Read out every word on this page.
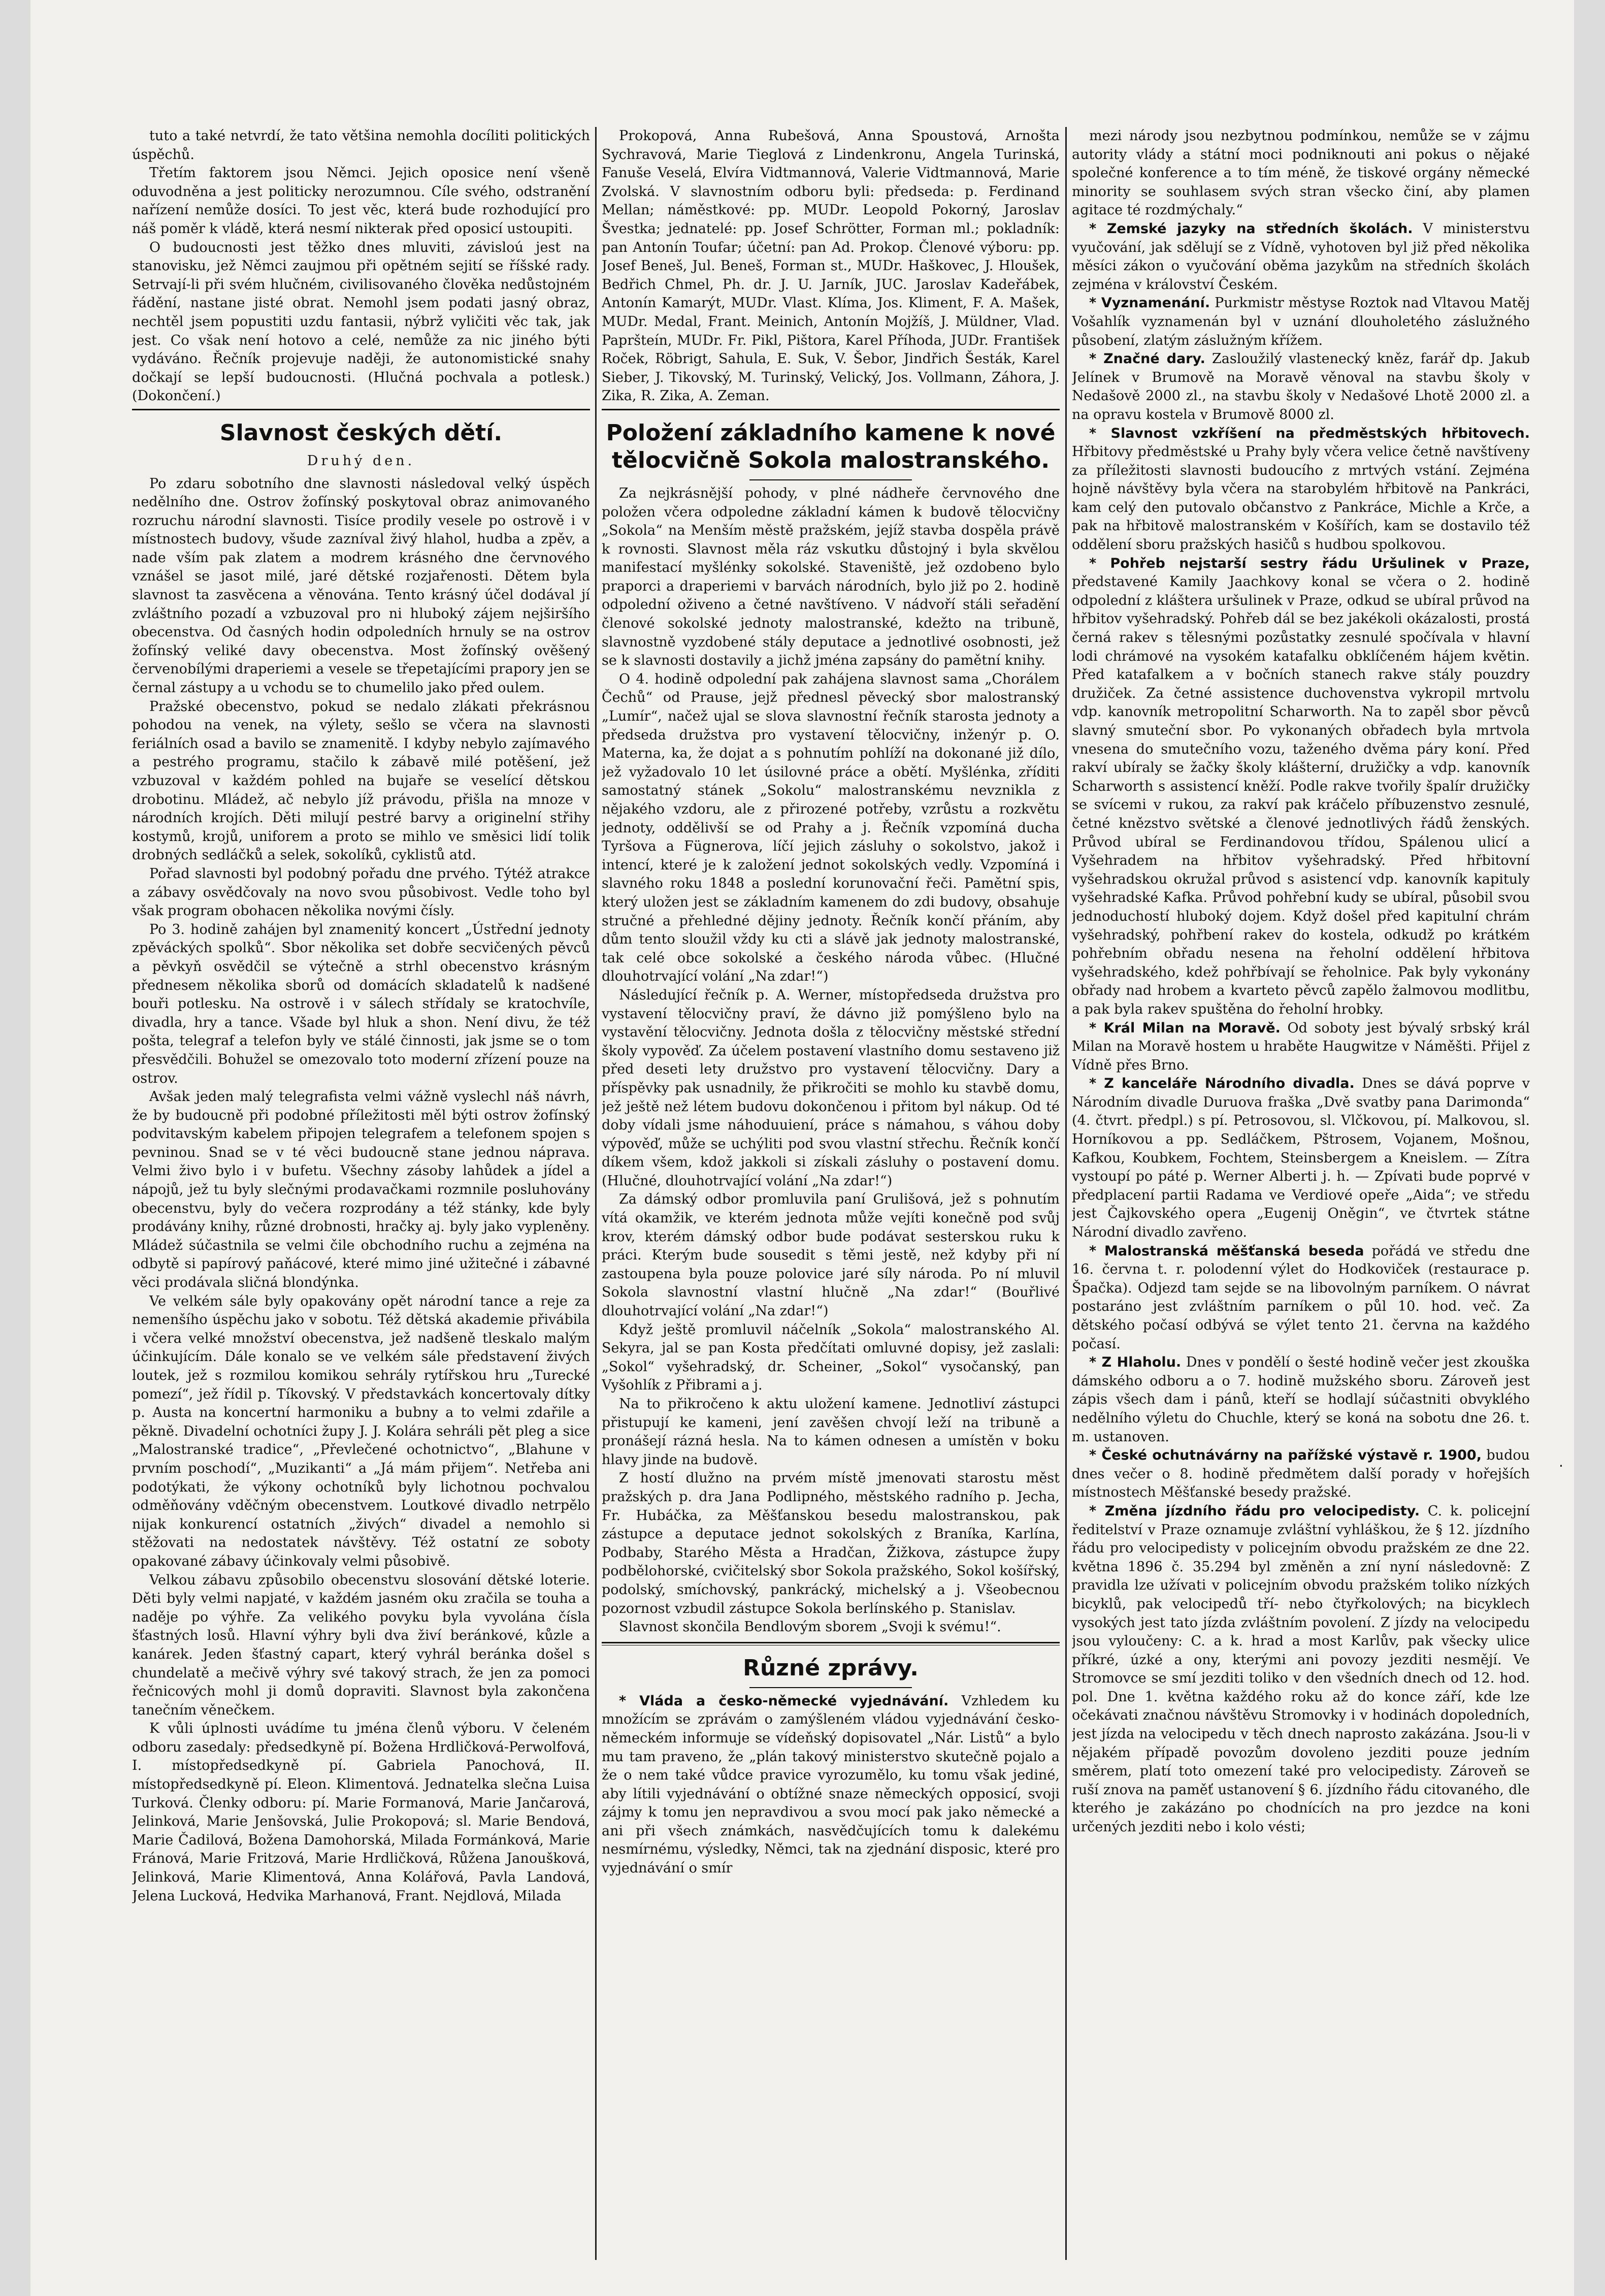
tuto a také netvrdí, že tato většina nemohla docíliti politických úspěchů.

Třetím faktorem jsou Němci. Jejich oposice není všeně oduvodněna a jest politicky nerozumnou. Cíle svého, odstranění nařízení nemůže dosíci. To jest věc, která bude rozhodující pro náš poměr k vládě, která nesmí nikterak před oposicí ustoupiti.

O budoucnosti jest těžko dnes mluviti, závisloú jest na stanovisku, jež Němci zaujmou při opětném sejití se říšské rady. Setrvají-li při svém hlučném, civilisovaného člověka nedůstojném řádění, nastane jisté obrat. Nemohl jsem podati jasný obraz, nechtěl jsem popustiti uzdu fantasii, nýbrž vyličiti věc tak, jak jest. Co však není hotovo a celé, nemůže za nic jiného býti vydáváno. Řečník projevuje naději, že autonomistické snahy dočkají se lepší budoucnosti. (Hlučná pochvala a potlesk.) (Dokončení.)

Slavnost českých dětí.

Druhý den.

Po zdaru sobotního dne slavnosti následoval velký úspěch nedělního dne. Ostrov žofínský poskytoval obraz animovaného rozruchu národní slavnosti. Tisíce prodily vesele po ostrově i v místnostech budovy, všude zazníval živý hlahol, hudba a zpěv, a nade vším pak zlatem a modrem krásného dne červnového vznášel se jasot milé, jaré dětské rozjařenosti. Dětem byla slavnost ta zasvěcena a věnována. Tento krásný účel dodával jí zvláštního pozadí a vzbuzoval pro ni hluboký zájem nejširšího obecenstva. Od časných hodin odpoledních hrnuly se na ostrov žofínský veliké davy obecenstva. Most žofínský ověšený červenobílými draperiemi a vesele se třepetajícími prapory jen se černal zástupy a u vchodu se to chumelilo jako před oulem.

Pražské obecenstvo, pokud se nedalo zlákati překrásnou pohodou na venek, na výlety, sešlo se včera na slavnosti feriálních osad a bavilo se znamenitě. I kdyby nebylo zajímavého a pestrého programu, stačilo k zábavě milé potěšení, jež vzbuzoval v každém pohled na bujaře se veselící dětskou drobotinu. Mládež, ač nebylo jíž právodu, přišla na mnoze v národních krojích. Děti milují pestré barvy a originelní střihy kostymů, krojů, uniforem a proto se mihlo ve směsici lidí tolik drobných sedláčků a selek, sokolíků, cyklistů atd.

Pořad slavnosti byl podobný pořadu dne prvého. Týtéž atrakce a zábavy osvědčovaly na novo svou působivost. Vedle toho byl však program obohacen několika novými čísly.

Po 3. hodině zahájen byl znamenitý koncert „Ústřední jednoty zpěváckých spolků“. Sbor několika set dobře secvičených pěvců a pěvkyň osvědčil se výtečně a strhl obecenstvo krásným přednesem několika sborů od domácích skladatelů k nadšené bouři potlesku. Na ostrově i v sálech střídaly se kratochvíle, divadla, hry a tance. Všade byl hluk a shon. Není divu, že též pošta, telegraf a telefon byly ve stálé činnosti, jak jsme se o tom přesvědčili. Bohužel se omezovalo toto moderní zřízení pouze na ostrov.

Avšak jeden malý telegrafista velmi vážně vyslechl náš návrh, že by budoucně při podobné příležitosti měl býti ostrov žofínský podvitavským kabelem připojen telegrafem a telefonem spojen s pevninou. Snad se v té věci budoucně stane jednou náprava. Velmi živo bylo i v bufetu. Všechny zásoby lahůdek a jídel a nápojů, jež tu byly slečnými prodavačkami rozmnile posluhovány obecenstvu, byly do večera rozprodány a též stánky, kde byly prodávány knihy, různé drobnosti, hračky aj. byly jako vypleněny. Mládež súčastnila se velmi čile obchodního ruchu a zejména na odbytě si papírový paňácové, které mimo jiné užitečné i zábavné věci prodávala sličná blondýnka.

Ve velkém sále byly opakovány opět národní tance a reje za nemenšího úspěchu jako v sobotu. Též dětská akademie přivábila i včera velké množství obecenstva, jež nadšeně tleskalo malým účinkujícím. Dále konalo se ve velkém sále představení živých loutek, jež s rozmilou komikou sehrály rytířskou hru „Turecké pomezí“, jež řídil p. Tíkovský. V představkách koncertovaly dítky p. Austa na koncertní harmoniku a bubny a to velmi zdařile a pěkně. Divadelní ochotníci župy J. J. Kolára sehráli pět pleg a sice „Malostranské tradice“, „Převlečené ochotnictvo“, „Blahune v prvním poschodí“, „Muzikanti“ a „Já mám přijem“. Netřeba ani podotýkati, že výkony ochotníků byly lichotnou pochvalou odměňovány vděčným obecenstvem. Loutkové divadlo netrpělo nijak konkurencí ostatních „živých“ divadel a nemohlo si stěžovati na nedostatek návštěvy. Též ostatní ze soboty opakované zábavy účinkovaly velmi působivě.

Velkou zábavu způsobilo obecenstvu slosování dětské loterie. Děti byly velmi napjaté, v každém jasném oku zračila se touha a naděje po výhře. Za velikého povyku byla vyvolána čísla šťastných losů. Hlavní výhry byli dva živí beránkové, kůzle a kanárek. Jeden šťastný capart, který vyhrál beránka došel s chundelatě a mečivě výhry své takový strach, že jen za pomoci řečnicových mohl ji domů dopraviti. Slavnost byla zakončena tanečním věnečkem.

K vůli úplnosti uvádíme tu jména členů výboru. V čeleném odboru zasedaly: předsedkyně pí. Božena Hrdličková-Perwolfová, I. místopředsedkyně pí. Gabriela Panochová, II. místopředsedkyně pí. Eleon. Klimentová. Jednatelka slečna Luisa Turková. Členky odboru: pí. Marie Formanová, Marie Jančarová, Jelinková, Marie Jenšovská, Julie Prokopová; sl. Marie Bendová, Marie Čadilová, Božena Damohorská, Milada Formánková, Marie Fránová, Marie Fritzová, Marie Hrdličková, Růžena Janoušková, Jelinková, Marie Klimentová, Anna Kolářová, Pavla Landová, Jelena Lucková, Hedvika Marhanová, Frant. Nejdlová, Milada

Prokopová, Anna Rubešová, Anna Spoustová, Arnošta Sychravová, Marie Tieglová z Lindenkronu, Angela Turinská, Fanuše Veselá, Elvíra Vidtmannová, Valerie Vidtmannová, Marie Zvolská. V slavnostním odboru byli: předseda: p. Ferdinand Mellan; náměstkové: pp. MUDr. Leopold Pokorný, Jaroslav Švestka; jednatelé: pp. Josef Schrötter, Forman ml.; pokladník: pan Antonín Toufar; účetní: pan Ad. Prokop. Členové výboru: pp. Josef Beneš, Jul. Beneš, Forman st., MUDr. Haškovec, J. Hloušek, Bedřich Chmel, Ph. dr. J. U. Jarník, JUC. Jaroslav Kadeřábek, Antonín Kamarýt, MUDr. Vlast. Klíma, Jos. Kliment, F. A. Mašek, MUDr. Medal, Frant. Meinich, Antonín Mojžíš, J. Müldner, Vlad. Papršteín, MUDr. Fr. Pikl, Pištora, Karel Příhoda, JUDr. František Roček, Röbrigt, Sahula, E. Suk, V. Šebor, Jindřich Šesták, Karel Sieber, J. Tikovský, M. Turinský, Velický, Jos. Vollmann, Záhora, J. Zika, R. Zika, A. Zeman.

Položení základního kamene k nové tělocvičně Sokola malostranského.

Za nejkrásnější pohody, v plné nádheře červnového dne položen včera odpoledne základní kámen k budově tělocvičny „Sokola“ na Menším městě pražském, jejíž stavba dospěla právě k rovnosti. Slavnost měla ráz vskutku důstojný i byla skvělou manifestací myšlénky sokolské. Staveniště, jež ozdobeno bylo praporci a draperiemi v barvách národních, bylo již po 2. hodině odpolední oživeno a četné navštíveno. V nádvoří stáli seřadění členové sokolské jednoty malostranské, kdežto na tribuně, slavnostně vyzdobené stály deputace a jednotlivé osobnosti, jež se k slavnosti dostavily a jichž jména zapsány do pamětní knihy.

O 4. hodině odpolední pak zahájena slavnost sama „Chorálem Čechů“ od Prause, jejž přednesl pěvecký sbor malostranský „Lumír“, načež ujal se slova slavnostní řečník starosta jednoty a předseda družstva pro vystavení tělocvičny, inženýr p. O. Materna, ka, že dojat a s pohnutím pohlíží na dokonané již dílo, jež vyžadovalo 10 let úsilovné práce a obětí. Myšlénka, zříditi samostatný stánek „Sokolu“ malostranskému nevznikla z nějakého vzdoru, ale z přirozené potřeby, vzrůstu a rozkvětu jednoty, oddělivší se od Prahy a j. Řečník vzpomíná ducha Tyršova a Fügnerova, líčí jejich zásluhy o sokolstvo, jakož i intencí, které je k založení jednot sokolských vedly. Vzpomíná i slavného roku 1848 a poslední korunovační řeči. Pamětní spis, který uložen jest se základním kamenem do zdi budovy, obsahuje stručné a přehledné dějiny jednoty. Řečník končí přáním, aby dům tento sloužil vždy ku cti a slávě jak jednoty malostranské, tak celé obce sokolské a českého národa vůbec. (Hlučné dlouhotrvající volání „Na zdar!“)

Následující řečník p. A. Werner, místopředseda družstva pro vystavení tělocvičny praví, že dávno již pomýšleno bylo na vystavění tělocvičny. Jednota došla z tělocvičny městské střední školy vypověď. Za účelem postavení vlastního domu sestaveno již před deseti lety družstvo pro vystavení tělocvičny. Dary a příspěvky pak usnadnily, že přikročiti se mohlo ku stavbě domu, jež ještě než létem budovu dokončenou i přitom byl nákup. Od té doby vídali jsme náhoduuiení, práce s námahou, s váhou doby výpověď, může se uchýliti pod svou vlastní střechu. Řečník končí díkem všem, kdož jakkoli si získali zásluhy o postavení domu. (Hlučné, dlouhotrvající volání „Na zdar!“)

Za dámský odbor promluvila paní Grulišová, jež s pohnutím vítá okamžik, ve kterém jednota může vejíti konečně pod svůj krov, kterém dámský odbor bude podávat sesterskou ruku k práci. Kterým bude sousedit s těmi jestě, než kdyby při ní zastoupena byla pouze polovice jaré síly národa. Po ní mluvil Sokola slavnostní vlastní hlučně „Na zdar!“ (Bouřlivé dlouhotrvající volání „Na zdar!“)

Když ještě promluvil náčelník „Sokola“ malostranského Al. Sekyra, jal se pan Kosta předčítati omluvné dopisy, jež zaslali: „Sokol“ vyšehradský, dr. Scheiner, „Sokol“ vysočanský, pan Vyšohlík z Přibrami a j.

Na to přikročeno k aktu uložení kamene. Jednotliví zástupci přistupují ke kameni, jení zavěšen chvojí leží na tribuně a pronášejí rázná hesla. Na to kámen odnesen a umístěn v boku hlavy jinde na budově.

Z hostí dlužno na prvém místě jmenovati starostu měst pražských p. dra Jana Podlipného, městského radního p. Jecha, Fr. Hubáčka, za Měšťanskou besedu malostranskou, pak zástupce a deputace jednot sokolských z Braníka, Karlína, Podbaby, Starého Města a Hradčan, Žižkova, zástupce župy podbělohorské, cvičitelský sbor Sokola pražského, Sokol košířský, podolský, smíchovský, pankrácký, michelský a j. Všeobecnou pozornost vzbudil zástupce Sokola berlínského p. Stanislav.

Slavnost skončila Bendlovým sborem „Svoji k svému!“.

Různé zprávy.

* Vláda a česko-německé vyjednávání. Vzhledem ku množícím se zprávám o zamýšleném vládou vyjednávání česko-německém informuje se vídeňský dopisovatel „Nár. Listů“ a bylo mu tam praveno, že „plán takový ministerstvo skutečně pojalo a že o nem také vůdce pravice vyrozumělo, ku tomu však jediné, aby lítili vyjednávání o obtížné snaze německých opposicí, svoji zájmy k tomu jen nepravdivou a svou mocí pak jako německé a ani při všech známkách, nasvědčujících tomu k dalekému nesmírnému, výsledky, Němci, tak na zjednání disposic, které pro vyjednávání o smír

mezi národy jsou nezbytnou podmínkou, nemůže se v zájmu autority vlády a státní moci podniknouti ani pokus o nějaké společné konference a to tím méně, že tiskové orgány německé minority se souhlasem svých stran všecko činí, aby plamen agitace té rozdmýchaly.“

* Zemské jazyky na středních školách. V ministerstvu vyučování, jak sdělují se z Vídně, vyhotoven byl již před několika měsíci zákon o vyučování oběma jazykům na středních školách zejména v království Českém.

* Vyznamenání. Purkmistr městyse Roztok nad Vltavou Matěj Vošahlík vyznamenán byl v uznání dlouholetého záslužného působení, zlatým záslužným křížem.

* Značné dary. Zasloužilý vlastenecký kněz, farář dp. Jakub Jelínek v Brumově na Moravě věnoval na stavbu školy v Nedašově 2000 zl., na stavbu školy v Nedašové Lhotě 2000 zl. a na opravu kostela v Brumově 8000 zl.

* Slavnost vzkříšení na předměstských hřbitovech. Hřbitovy předměstské u Prahy byly včera velice četně navštíveny za příležitosti slavnosti budoucího z mrtvých vstání. Zejména hojně návštěvy byla včera na starobylém hřbitově na Pankráci, kam celý den putovalo občanstvo z Pankráce, Michle a Krče, a pak na hřbitově malostranském v Košířích, kam se dostavilo též oddělení sboru pražských hasičů s hudbou spolkovou.

* Pohřeb nejstarší sestry řádu Uršulinek v Praze, představené Kamily Jaachkovy konal se včera o 2. hodině odpolední z kláštera uršulinek v Praze, odkud se ubíral průvod na hřbitov vyšehradský. Pohřeb dál se bez jakékoli okázalosti, prostá černá rakev s tělesnými pozůstatky zesnulé spočívala v hlavní lodi chrámové na vysokém katafalku obklíčeném hájem květin. Před katafalkem a v bočních stanech rakve stály pouzdry družiček. Za četné assistence duchovenstva vykropil mrtvolu vdp. kanovník metropolitní Scharworth. Na to zapěl sbor pěvců slavný smuteční sbor. Po vykonaných obřadech byla mrtvola vnesena do smutečního vozu, taženého dvěma páry koní. Před rakví ubíraly se žačky školy klášterní, družičky a vdp. kanovník Scharworth s assistencí kněží. Podle rakve tvořily špalír družičky se svícemi v rukou, za rakví pak kráčelo příbuzenstvo zesnulé, četné knězstvo světské a členové jednotlivých řádů ženských. Průvod ubíral se Ferdinandovou třídou, Spálenou ulicí a Vyšehradem na hřbitov vyšehradský. Před hřbitovní vyšehradskou okružal průvod s asistencí vdp. kanovník kapituly vyšehradské Kafka. Průvod pohřební kudy se ubíral, působil svou jednoduchostí hluboký dojem. Když došel před kapitulní chrám vyšehradský, pohřbení rakev do kostela, odkudž po krátkém pohřebním obřadu nesena na řeholní oddělení hřbitova vyšehradského, kdež pohřbívají se řeholnice. Pak byly vykonány obřady nad hrobem a kvarteto pěvců zapělo žalmovou modlitbu, a pak byla rakev spuštěna do řeholní hrobky.

* Král Milan na Moravě. Od soboty jest bývalý srbský král Milan na Moravě hostem u hraběte Haugwitze v Náměšti. Přijel z Vídně přes Brno.

* Z kanceláře Národního divadla. Dnes se dává poprve v Národním divadle Duruova fraška „Dvě svatby pana Darimonda“ (4. čtvrt. předpl.) s pí. Petrosovou, sl. Vlčkovou, pí. Malkovou, sl. Horníkovou a pp. Sedláčkem, Pštrosem, Vojanem, Mošnou, Kafkou, Koubkem, Fochtem, Steinsbergem a Kneislem. — Zítra vystoupí po páté p. Werner Alberti j. h. — Zpívati bude poprvé v předplacení partii Radama ve Verdiové opeře „Aida“; ve středu jest Čajkovského opera „Eugenij Oněgin“, ve čtvrtek státne Národní divadlo zavřeno.

* Malostranská měšťanská beseda pořádá ve středu dne 16. června t. r. polodenní výlet do Hodkoviček (restaurace p. Špačka). Odjezd tam sejde se na libovolným parníkem. O návrat postaráno jest zvláštním parníkem o půl 10. hod. več. Za dětského počasí odbývá se výlet tento 21. června na každého počasí.

* Z Hlaholu. Dnes v pondělí o šesté hodině večer jest zkouška dámského odboru a o 7. hodině mužského sboru. Zároveň jest zápis všech dam i pánů, kteří se hodlají súčastniti obvyklého nedělního výletu do Chuchle, který se koná na sobotu dne 26. t. m. ustanoven.

* České ochutnávárny na pařížské výstavě r. 1900, budou dnes večer o 8. hodině předmětem další porady v hořejších místnostech Měšťanské besedy pražské.

* Změna jízdního řádu pro velocipedisty. C. k. policejní ředitelství v Praze oznamuje zvláštní vyhláškou, že § 12. jízdního řádu pro velocipedisty v policejním obvodu pražském ze dne 22. května 1896 č. 35.294 byl změněn a zní nyní následovně: Z pravidla lze užívati v policejním obvodu pražském toliko nízkých bicyklů, pak velocipedů tří- nebo čtyřkolových; na bicyklech vysokých jest tato jízda zvláštním povolení. Z jízdy na velocipedu jsou vyloučeny: C. a k. hrad a most Karlův, pak všecky ulice příkré, úzké a ony, kterými ani povozy jezditi nesmějí. Ve Stromovce se smí jezditi toliko v den všedních dnech od 12. hod. pol. Dne 1. května každého roku až do konce září, kde lze očekávati značnou návštěvu Stromovky i v hodinách dopoledních, jest jízda na velocipedu v těch dnech naprosto zakázána. Jsou-li v nějakém případě povozům dovoleno jezditi pouze jedním směrem, platí toto omezení také pro velocipedisty. Zároveň se ruší znova na paměť ustanovení § 6. jízdního řádu citovaného, dle kterého je zakázáno po chodnících na pro jezdce na koni určených jezditi nebo i kolo vésti;

·
